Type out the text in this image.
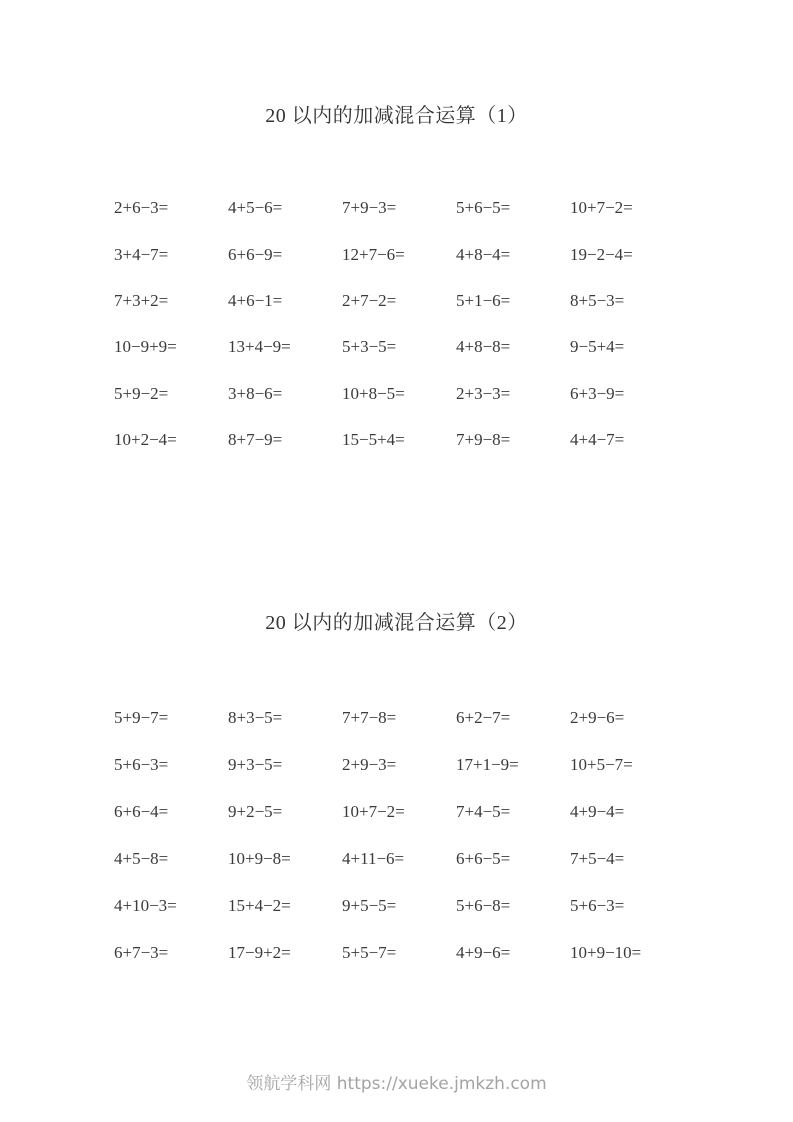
20 以内的加减混合运算（1）
2+6−3=	4+5−6=	7+9−3=	5+6−5=	10+7−2=
3+4−7=	6+6−9=	12+7−6=	4+8−4=	19−2−4=
7+3+2=	4+6−1=	2+7−2=	5+1−6=	8+5−3=
10−9+9=	13+4−9=	5+3−5=	4+8−8=	9−5+4=
5+9−2=	3+8−6=	10+8−5=	2+3−3=	6+3−9=
10+2−4=	8+7−9=	15−5+4=	7+9−8=	4+4−7=
20 以内的加减混合运算（2）
5+9−7=	8+3−5=	7+7−8=	6+2−7=	2+9−6=
5+6−3=	9+3−5=	2+9−3=	17+1−9=	10+5−7=
6+6−4=	9+2−5=	10+7−2=	7+4−5=	4+9−4=
4+5−8=	10+9−8=	4+11−6=	6+6−5=	7+5−4=
4+10−3=	15+4−2=	9+5−5=	5+6−8=	5+6−3=
6+7−3=	17−9+2=	5+5−7=	4+9−6=	10+9−10=
领航学科网 https://xueke.jmkzh.com
